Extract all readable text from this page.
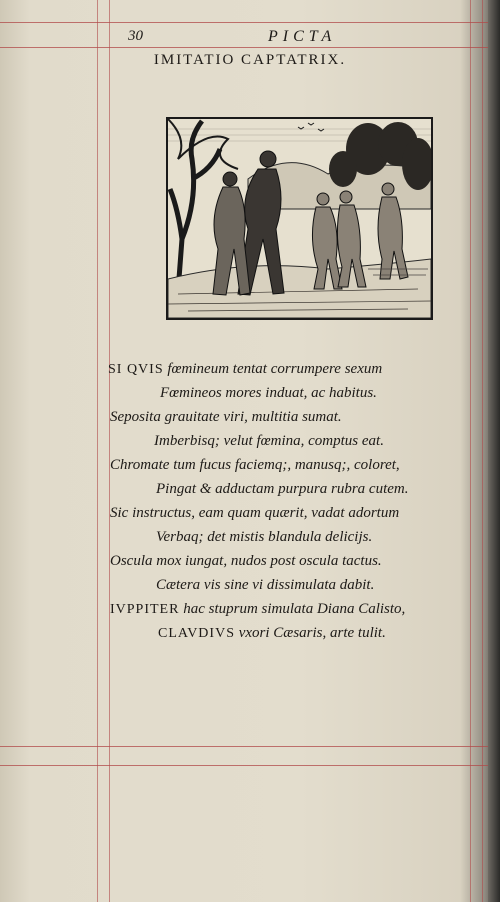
30	PICTA
IMITATIO CAPTATRIX.
SI QVIS fœmineum tentat corrumpere sexum
Fœmineos mores induat, ac habitus.
Seposita grauitate viri, multitia sumat.
Imberbisq; velut fœmina, comptus eat.
Chromate tum fucus faciemq;, manusq;, coloret,
Pingat & adductam purpura rubra cutem.
Sic instructus, eam quam quærit, vadat adortum
Verbaq; det mistis blandula delicijs.
Oscula mox iungat, nudos post oscula tactus.
Cætera vis sine vi dissimulata dabit.
IVPPITER hac stuprum simulata Diana Calisto,
CLAVDIVS vxori Cæsaris, arte tulit.
